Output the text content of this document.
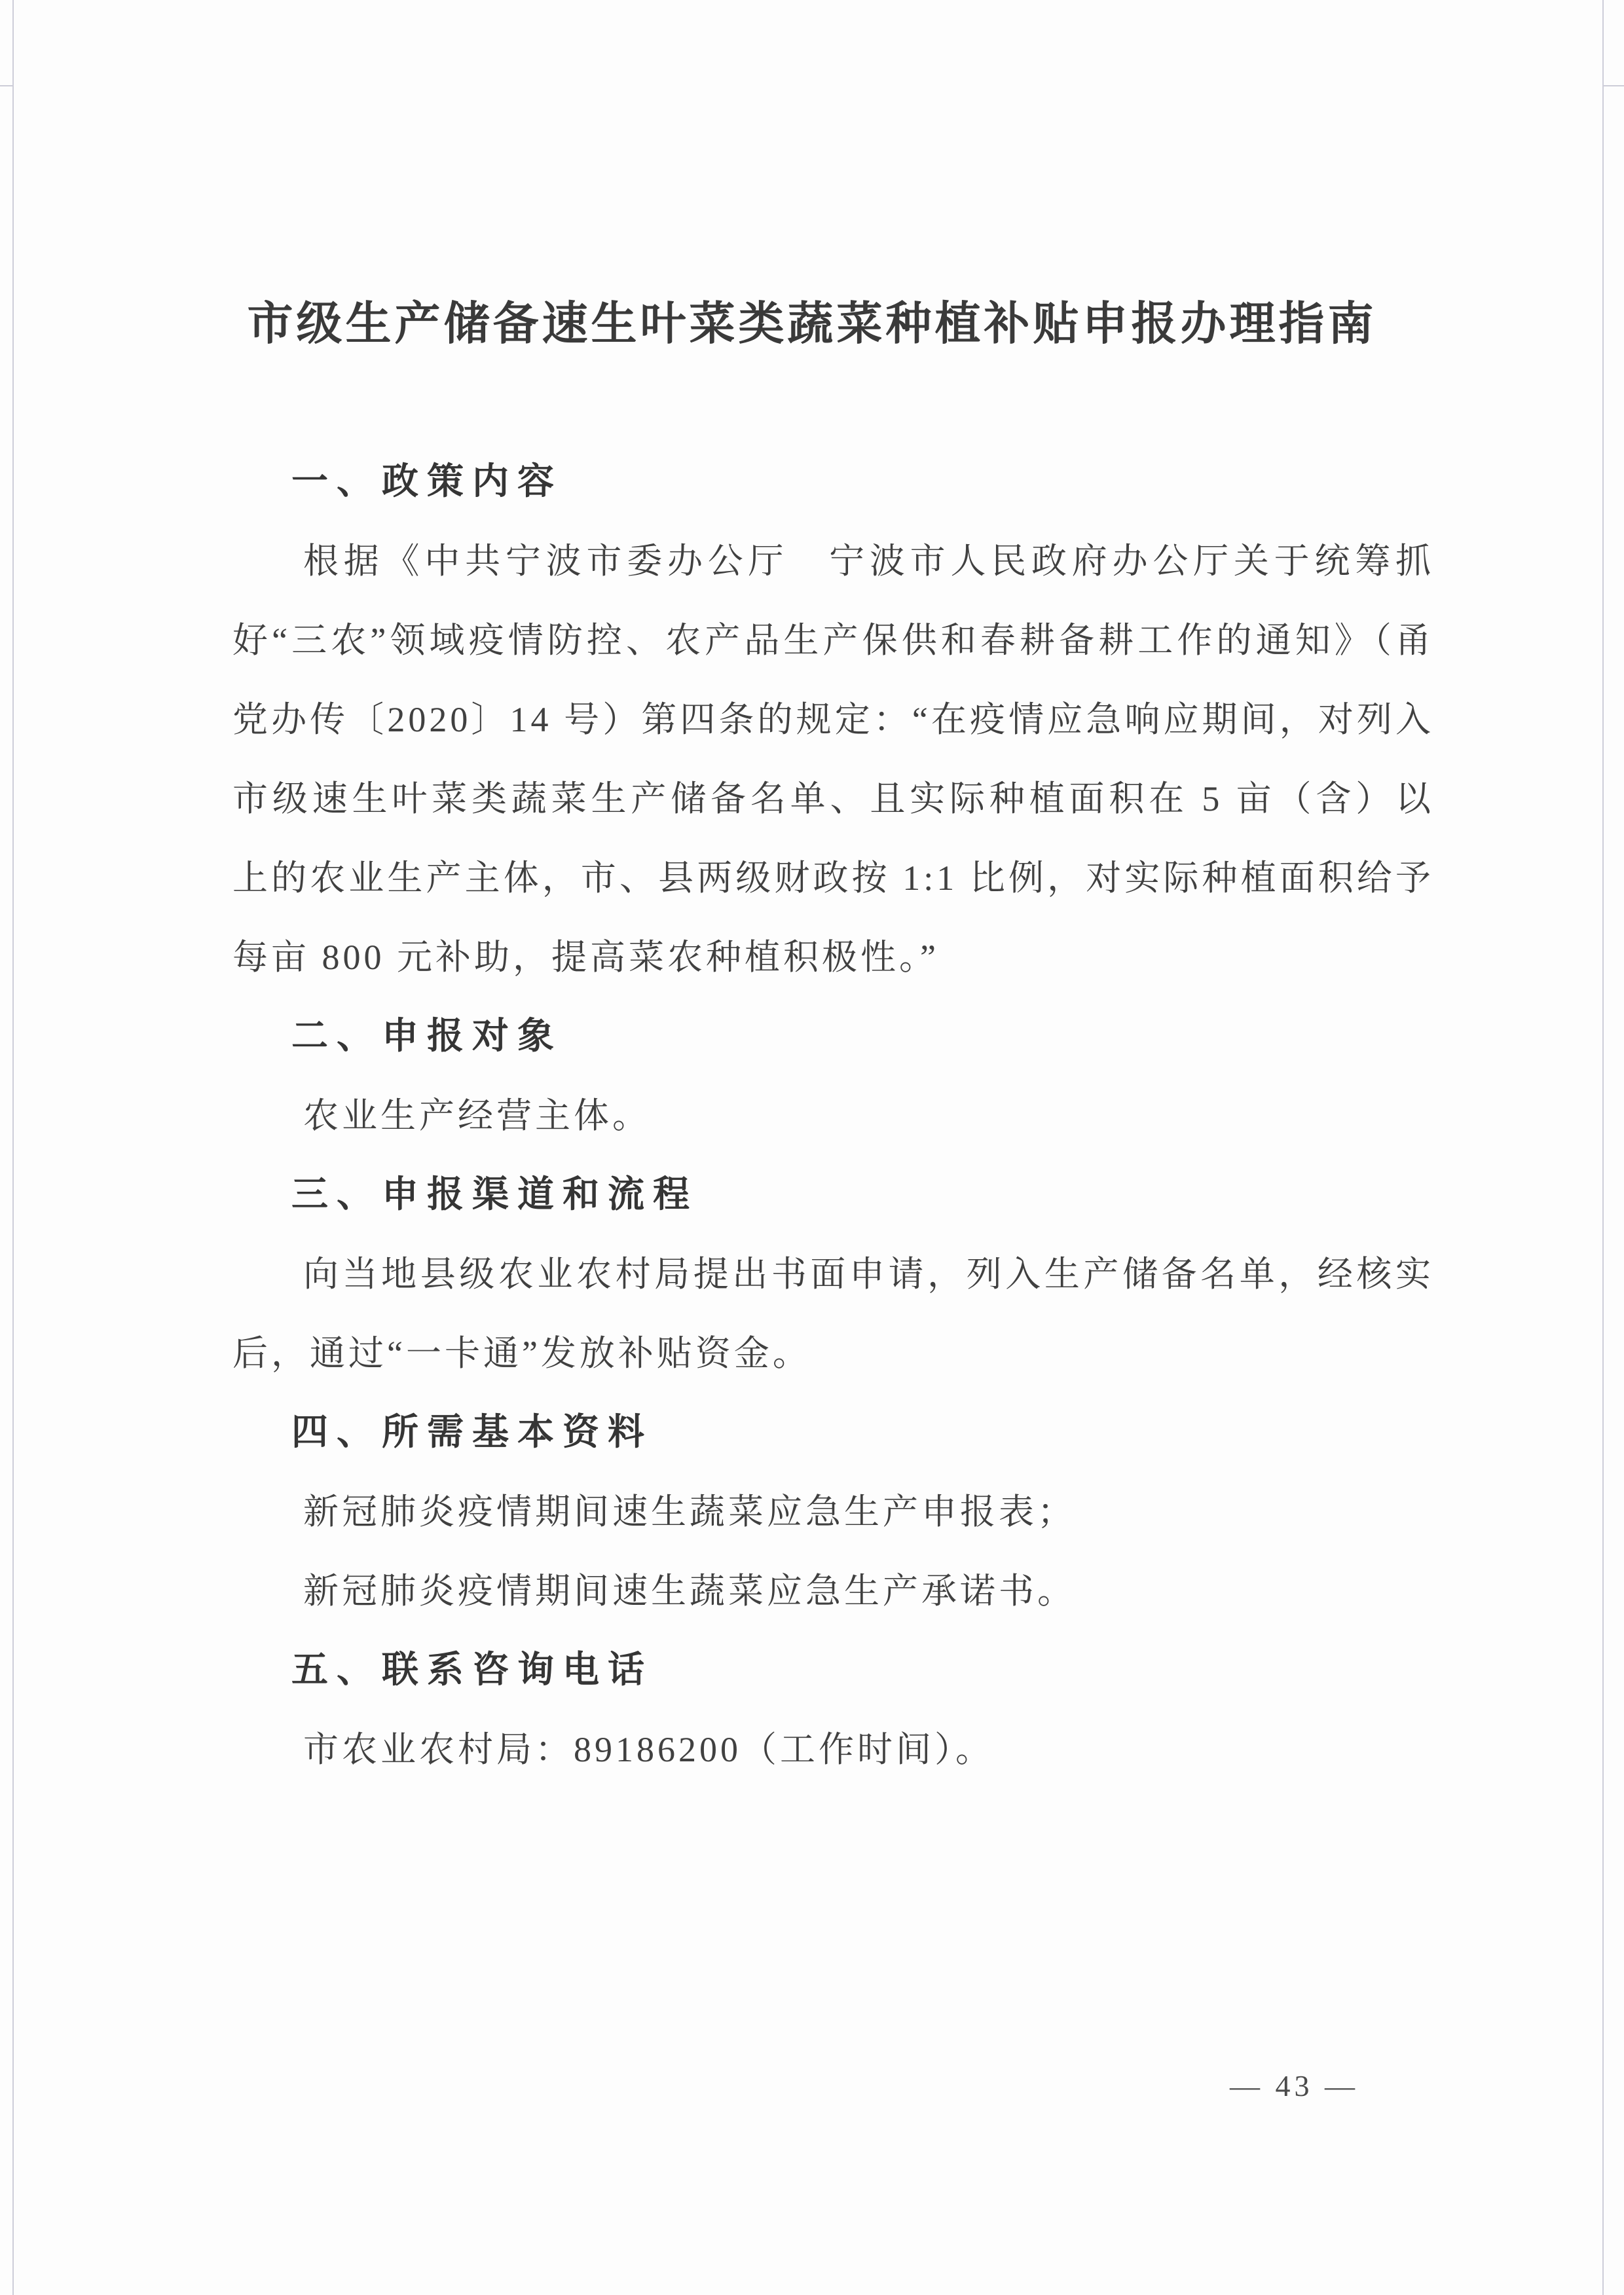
市级生产储备速生叶菜类蔬菜种植补贴申报办理指南
一、政策内容

根据《中共宁波市委办公厅　宁波市人民政府办公厅关于统筹抓好“三农”领域疫情防控、农产品生产保供和春耕备耕工作的通知》（甬党办传〔2020〕14 号）第四条的规定：“在疫情应急响应期间，对列入市级速生叶菜类蔬菜生产储备名单、且实际种植面积在 5 亩（含）以上的农业生产主体，市、县两级财政按 1:1 比例，对实际种植面积给予每亩 800 元补助，提高菜农种植积极性。”

二、申报对象

农业生产经营主体。

三、申报渠道和流程

向当地县级农业农村局提出书面申请，列入生产储备名单，经核实后，通过“一卡通”发放补贴资金。

四、所需基本资料

新冠肺炎疫情期间速生蔬菜应急生产申报表；

新冠肺炎疫情期间速生蔬菜应急生产承诺书。

五、联系咨询电话

市农业农村局：89186200（工作时间）。

— 43 —
